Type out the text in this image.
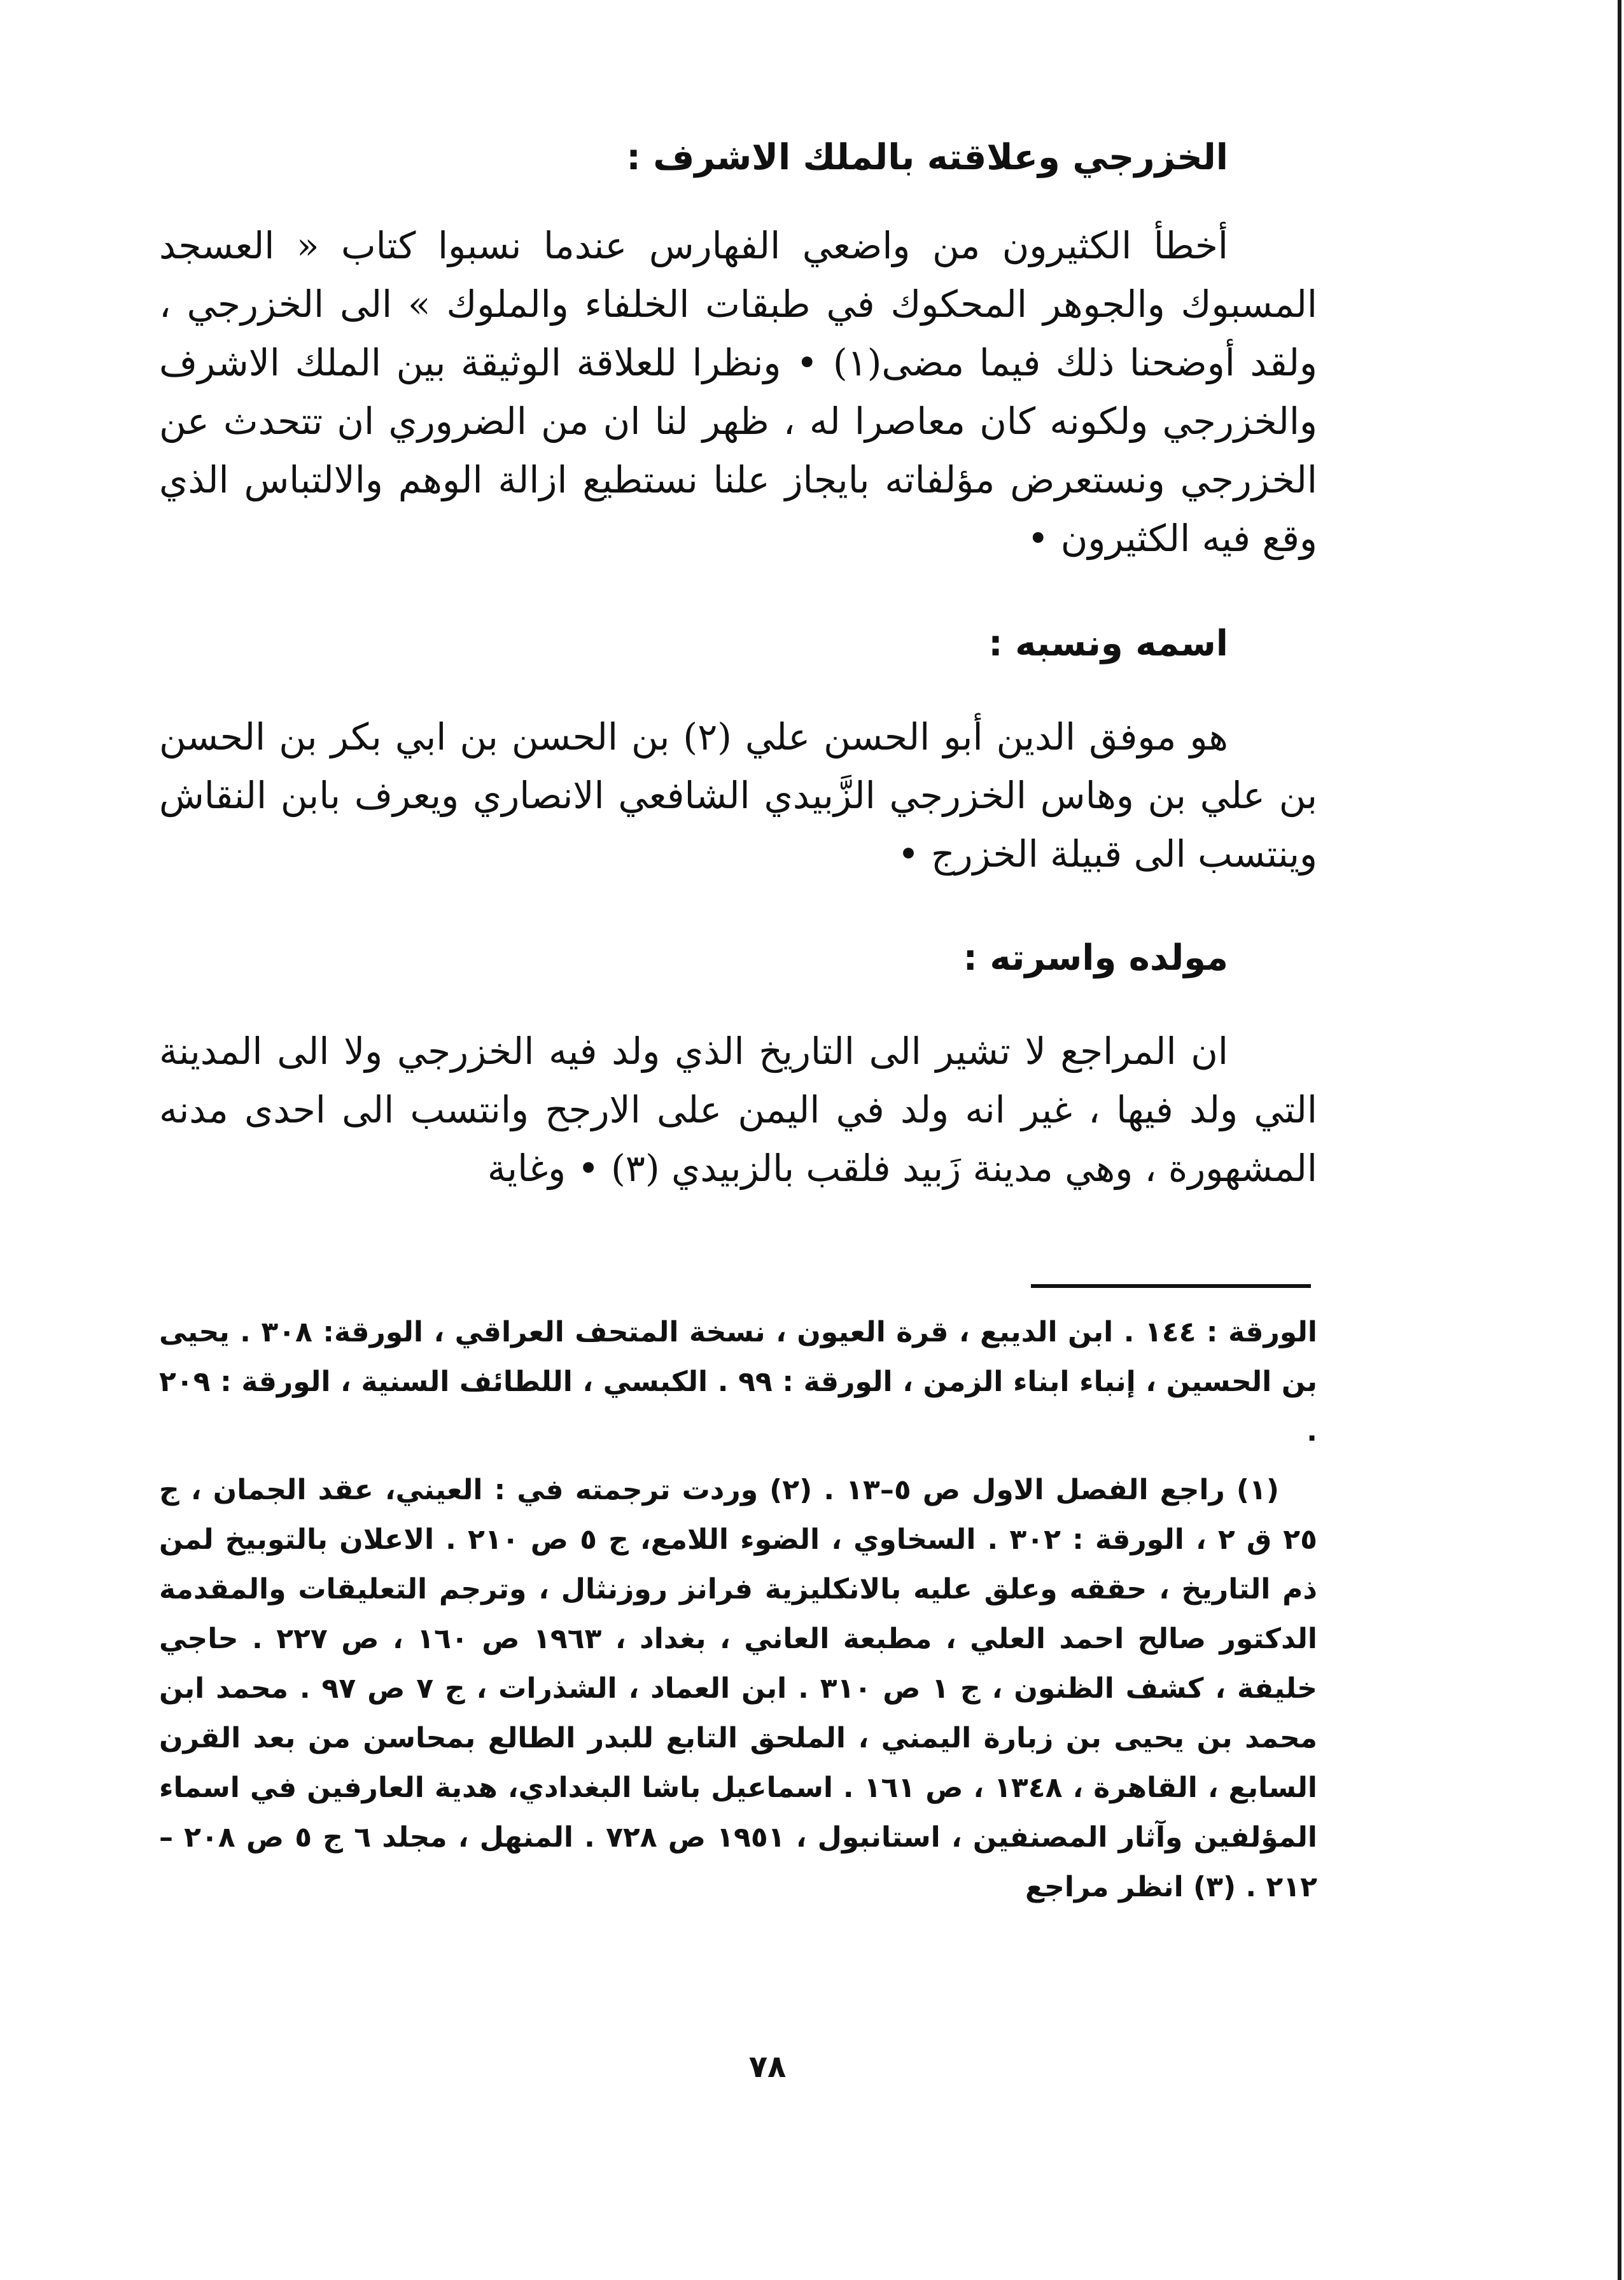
الخزرجي وعلاقته بالملك الاشرف :

أخطأ الكثيرون من واضعي الفهارس عندما نسبوا كتاب « العسجد المسبوك والجوهر المحكوك في طبقات الخلفاء والملوك » الى الخزرجي ، ولقد أوضحنا ذلك فيما مضى(١) • ونظرا للعلاقة الوثيقة بين الملك الاشرف والخزرجي ولكونه كان معاصرا له ، ظهر لنا ان من الضروري ان تتحدث عن الخزرجي ونستعرض مؤلفاته بايجاز علنا نستطيع ازالة الوهم والالتباس الذي وقع فيه الكثيرون •

اسمه ونسبه :

هو موفق الدين أبو الحسن علي (٢) بن الحسن بن ابي بكر بن الحسن بن علي بن وهاس الخزرجي الزَّبيدي الشافعي الانصاري ويعرف بابن النقاش وينتسب الى قبيلة الخزرج •

مولده واسرته :

ان المراجع لا تشير الى التاريخ الذي ولد فيه الخزرجي ولا الى المدينة التي ولد فيها ، غير انه ولد في اليمن على الارجح وانتسب الى احدى مدنه المشهورة ، وهي مدينة زَبيد فلقب بالزبيدي (٣) • وغاية

الورقة : ١٤٤ . ابن الديبع ، قرة العيون ، نسخة المتحف العراقي ، الورقة: ٣٠٨ . يحيى بن الحسين ، إنباء ابناء الزمن ، الورقة : ٩٩ . الكبسي ، اللطائف السنية ، الورقة : ٢٠٩ .

(١) راجع الفصل الاول ص ٥–١٣ . (٢) وردت ترجمته في : العيني، عقد الجمان ، ج ٢٥ ق ٢ ، الورقة : ٣٠٢ . السخاوي ، الضوء اللامع، ج ٥ ص ٢١٠ . الاعلان بالتوبيخ لمن ذم التاريخ ، حققه وعلق عليه بالانكليزية فرانز روزنثال ، وترجم التعليقات والمقدمة الدكتور صالح احمد العلي ، مطبعة العاني ، بغداد ، ١٩٦٣ ص ١٦٠ ، ص ٢٢٧ . حاجي خليفة ، كشف الظنون ، ج ١ ص ٣١٠ . ابن العماد ، الشذرات ، ج ٧ ص ٩٧ . محمد ابن محمد بن يحيى بن زبارة اليمني ، الملحق التابع للبدر الطالع بمحاسن من بعد القرن السابع ، القاهرة ، ١٣٤٨ ، ص ١٦١ . اسماعيل باشا البغدادي، هدية العارفين في اسماء المؤلفين وآثار المصنفين ، استانبول ، ١٩٥١ ص ٧٢٨ . المنهل ، مجلد ٦ ج ٥ ص ٢٠٨ – ٢١٢ . (٣) انظر مراجع

٧٨
